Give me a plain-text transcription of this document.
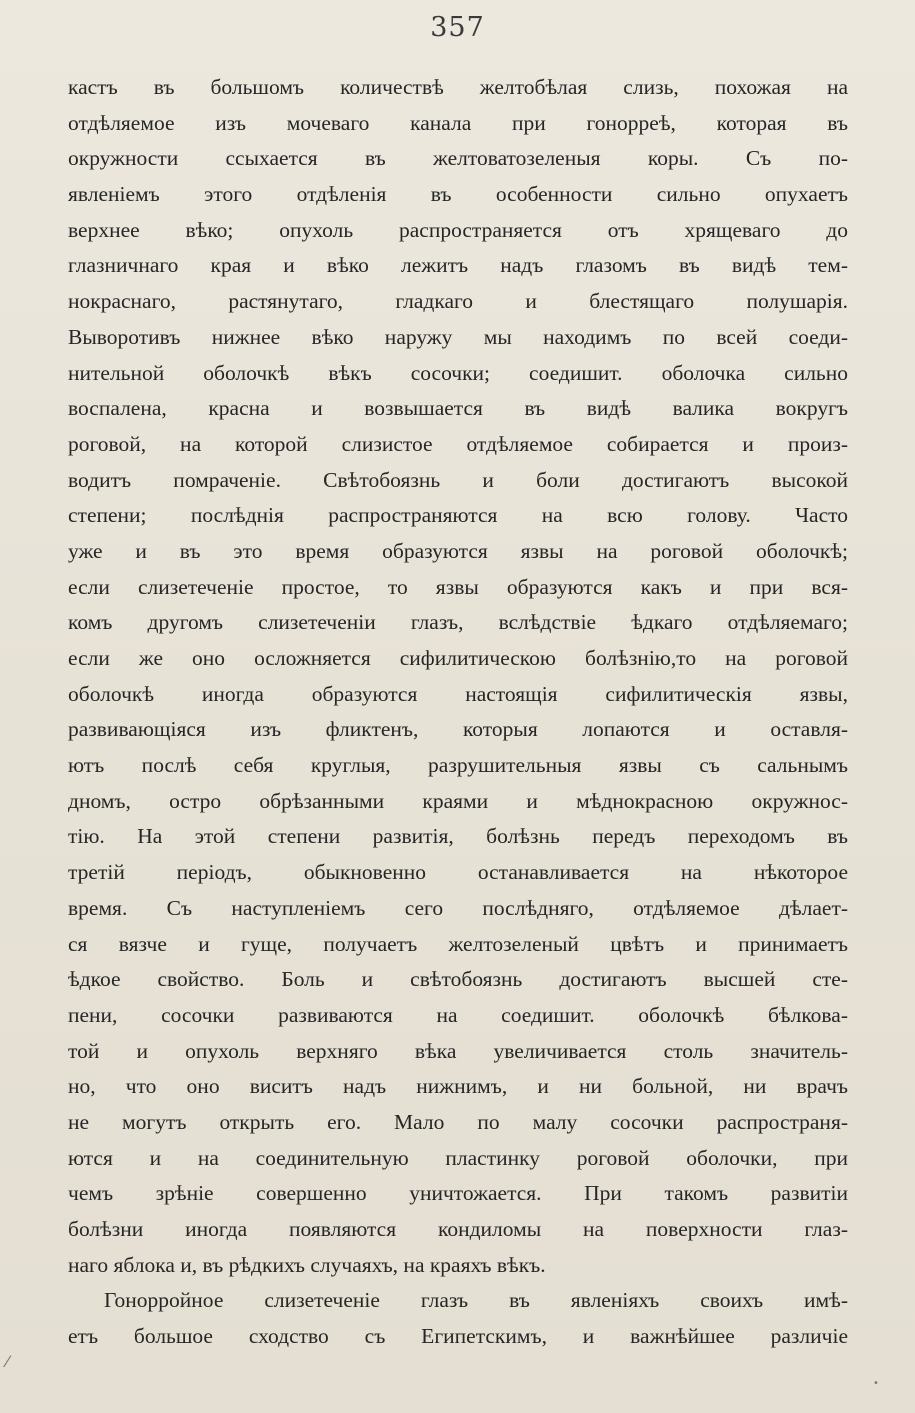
357
кастъ въ большомъ количествѣ желтобѣлая слизь, похожая на
отдѣляемое изъ мочеваго канала при гонорреѣ, которая въ
окружности ссыхается въ желтоватозеленыя коры. Съ по-
явленіемъ этого отдѣленія въ особенности сильно опухаетъ
верхнее вѣко; опухоль распространяется отъ хрящеваго до
глазничнаго края и вѣко лежитъ надъ глазомъ въ видѣ тем-
нокраснаго, растянутаго, гладкаго и блестящаго полушарія.
Выворотивъ нижнее вѣко наружу мы находимъ по всей соеди-
нительной оболочкѣ вѣкъ сосочки; соедишит. оболочка сильно
воспалена, красна и возвышается въ видѣ валика вокругъ
роговой, на которой слизистое отдѣляемое собирается и произ-
водитъ помраченіе. Свѣтобоязнь и боли достигаютъ высокой
степени; послѣднія распространяются на всю голову. Часто
уже и въ это время образуются язвы на роговой оболочкѣ;
если слизетеченіе простое, то язвы образуются какъ и при вся-
комъ другомъ слизетеченіи глазъ, вслѣдствіе ѣдкаго отдѣляемаго;
если же оно осложняется сифилитическою болѣзнію,то на роговой
оболочкѣ иногда образуются настоящія сифилитическія язвы,
развивающіяся изъ фликтенъ, которыя лопаются и оставля-
ютъ послѣ себя круглыя, разрушительныя язвы съ сальнымъ
дномъ, остро обрѣзанными краями и мѣднокрасною окружнос-
тію. На этой степени развитія, болѣзнь передъ переходомъ въ
третій періодъ, обыкновенно останавливается на нѣкоторое
время. Съ наступленіемъ сего послѣдняго, отдѣляемое дѣлает-
ся вязче и гуще, получаетъ желтозеленый цвѣтъ и принимаетъ
ѣдкое свойство. Боль и свѣтобоязнь достигаютъ высшей сте-
пени, сосочки развиваются на соедишит. оболочкѣ бѣлкова-
той и опухоль верхняго вѣка увеличивается столь значитель-
но, что оно виситъ надъ нижнимъ, и ни больной, ни врачъ
не могутъ открыть его. Мало по малу сосочки распространя-
ются и на соединительную пластинку роговой оболочки, при
чемъ зрѣніе совершенно уничтожается. При такомъ развитіи
болѣзни иногда появляются кондиломы на поверхности глаз-
наго яблока и, въ рѣдкихъ случаяхъ, на краяхъ вѣкъ.
Гонорройное слизетеченіе глазъ въ явленіяхъ своихъ имѣ-
етъ большое сходство съ Египетскимъ, и важнѣйшее различіе
⁄
•
